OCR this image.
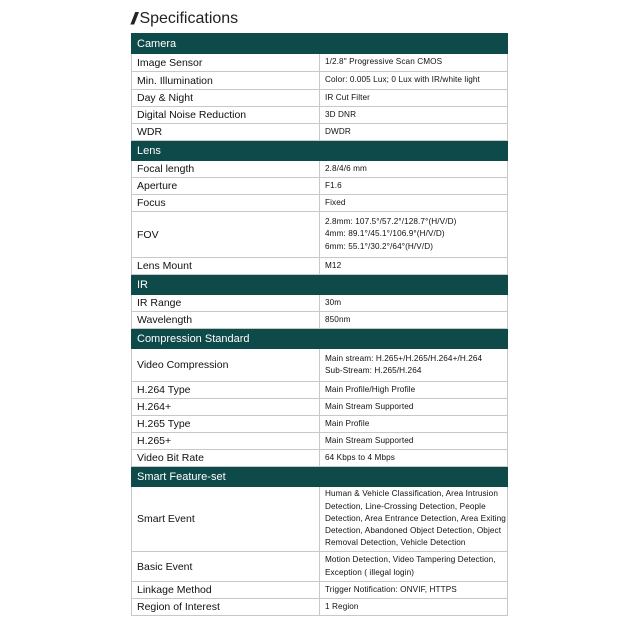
// Specifications
Camera	
Image Sensor	1/2.8" Progressive Scan CMOS
Min. Illumination	Color: 0.005 Lux; 0 Lux with IR/white light
Day & Night	IR Cut Filter
Digital Noise Reduction	3D DNR
WDR	DWDR
Lens	
Focal length	2.8/4/6 mm
Aperture	F1.6
Focus	Fixed
FOV	2.8mm: 107.5°/57.2°/128.7°(H/V/D)
4mm: 89.1°/45.1°/106.9°(H/V/D)
6mm: 55.1°/30.2°/64°(H/V/D)

Lens Mount	M12
IR	
IR Range	30m
Wavelength	850nm
Compression Standard	
Video Compression	Main stream: H.265+/H.265/H.264+/H.264
Sub-Stream: H.265/H.264

H.264 Type	Main Profile/High Profile
H.264+	Main Stream Supported
H.265 Type	Main Profile
H.265+	Main Stream Supported
Video Bit Rate	64 Kbps to 4 Mbps
Smart Feature-set	
Smart Event	Human & Vehicle Classification, Area Intrusion
Detection, Line-Crossing Detection, People
Detection, Area Entrance Detection, Area Exiting
Detection, Abandoned Object Detection, Object
Removal Detection, Vehicle Detection

Basic Event	Motion Detection, Video Tampering Detection,
Exception ( illegal login)

Linkage Method	Trigger Notification: ONVIF, HTTPS
Region of Interest	1 Region
